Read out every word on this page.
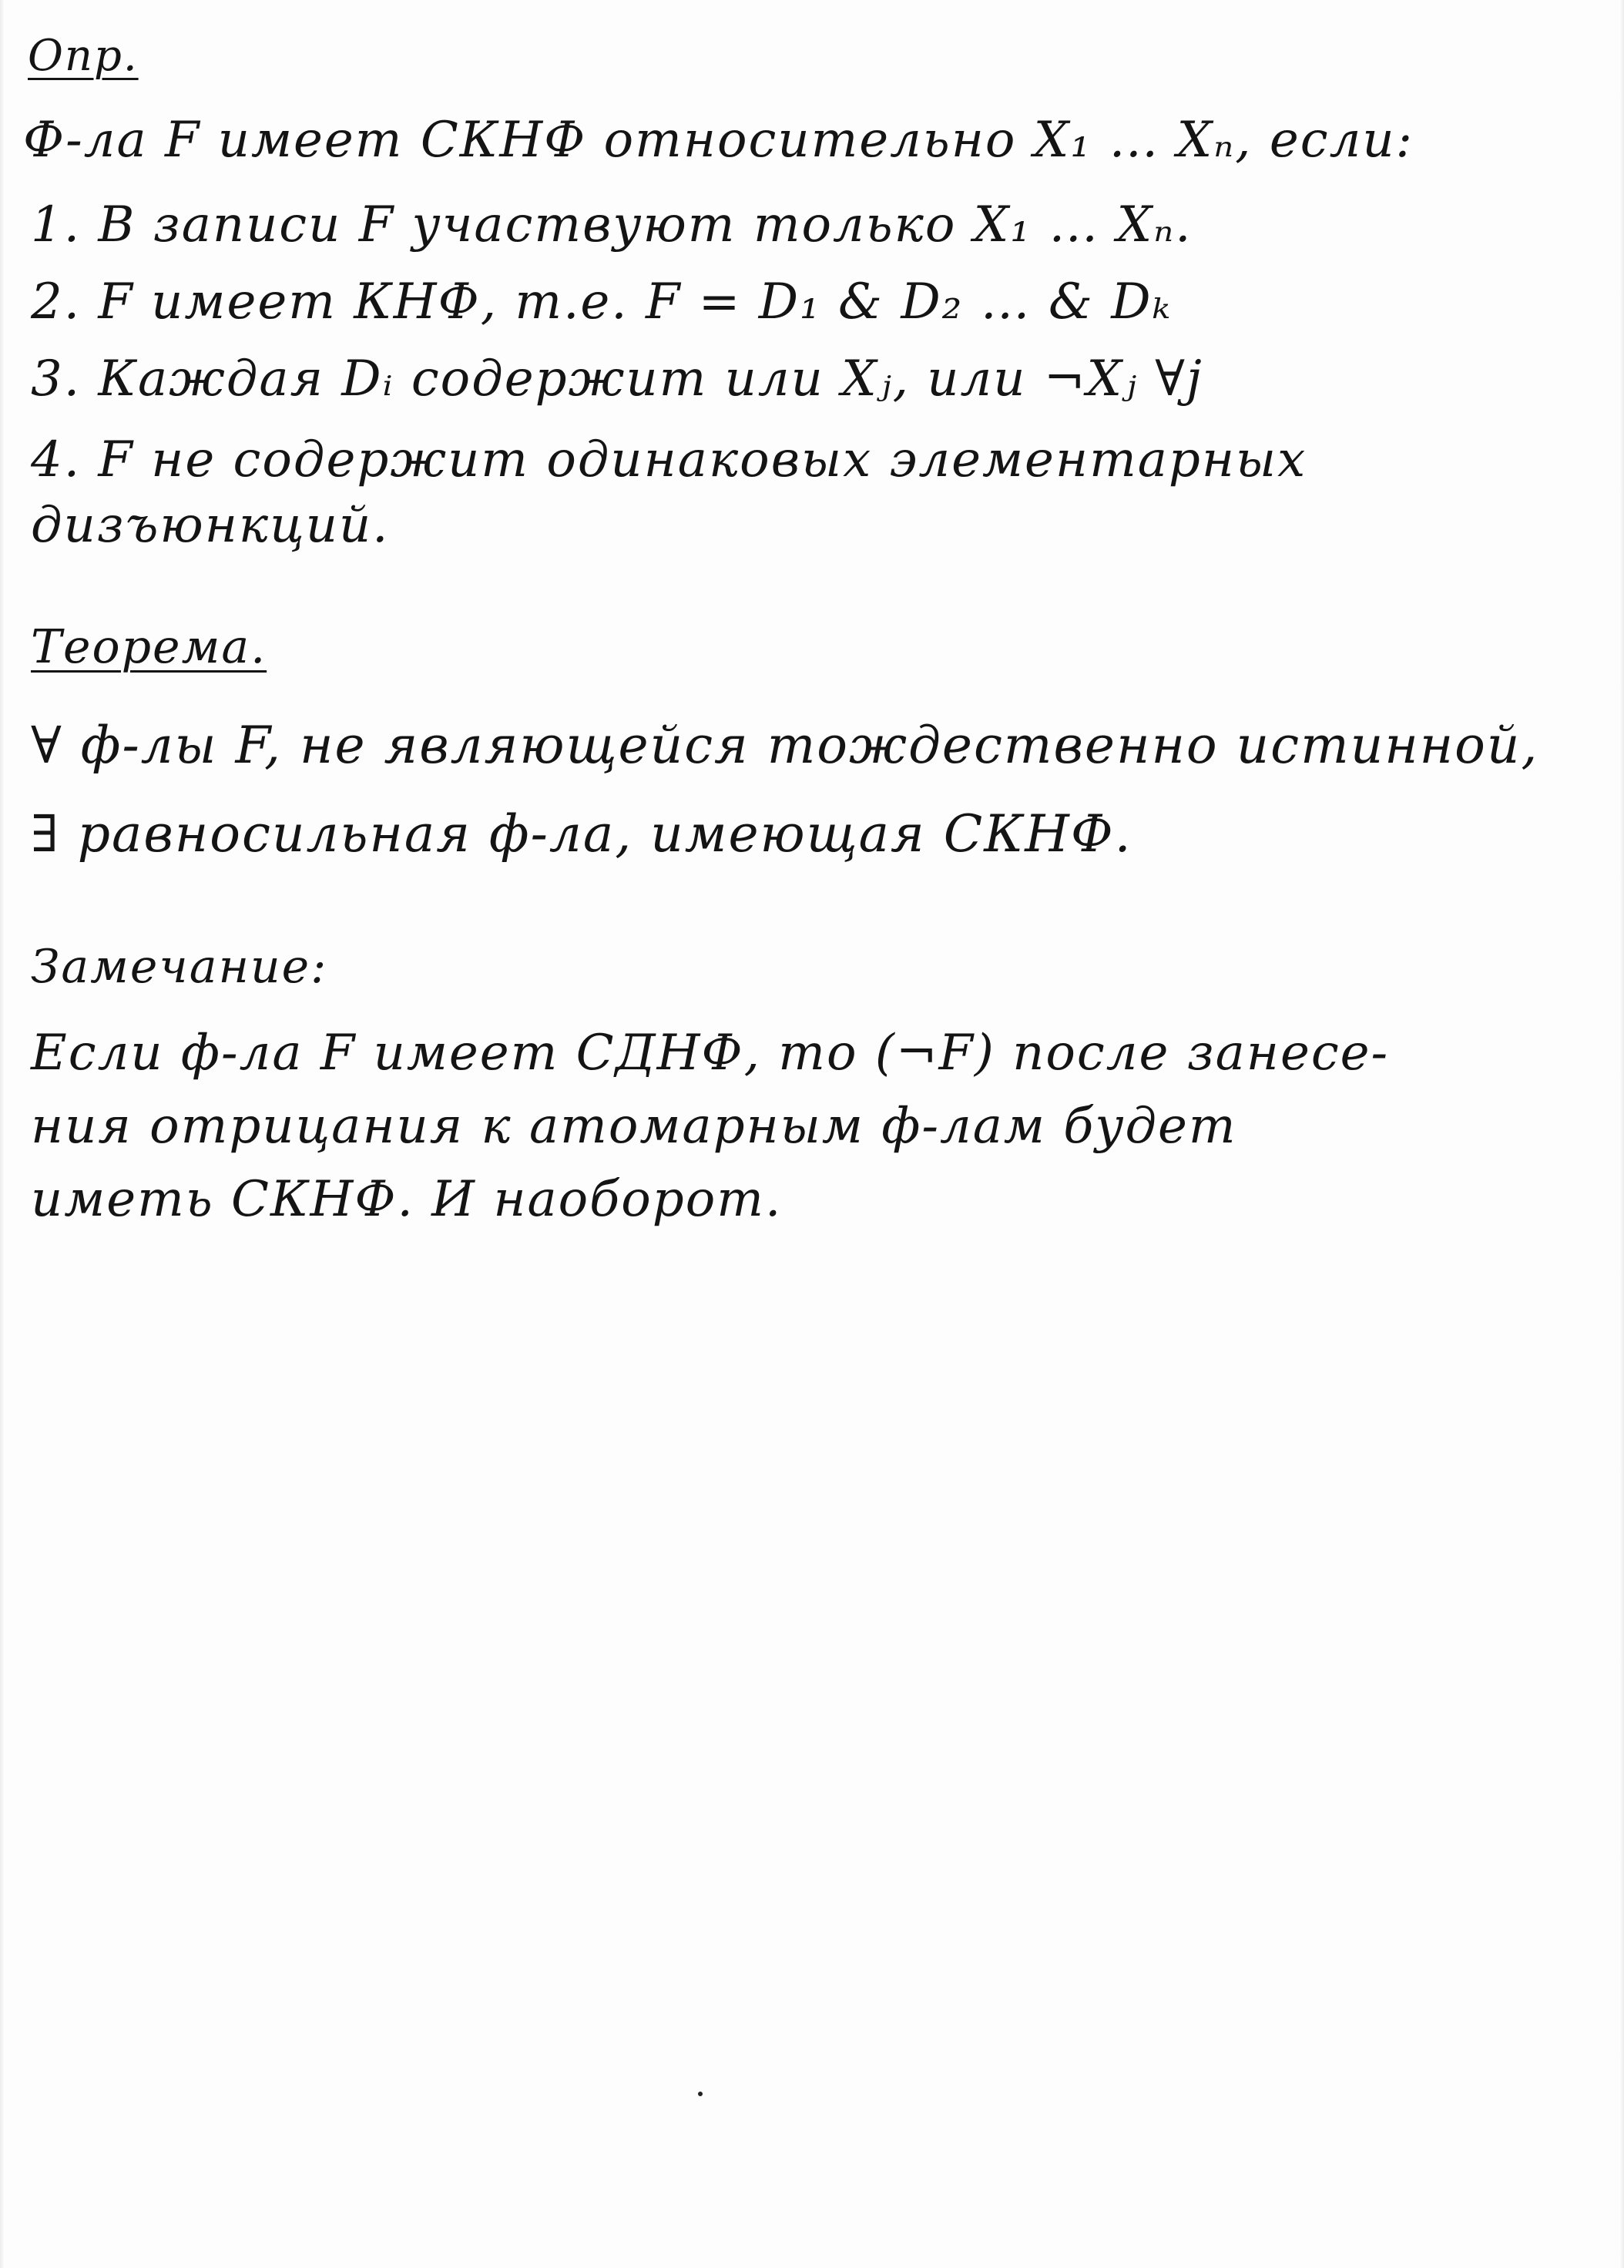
Опр.
Ф-ла F имеет СКНФ относительно X₁ … Xₙ, если:
1. В записи F участвуют только X₁ … Xₙ.
2. F имеет КНФ, т.е. F = D₁ & D₂ … & Dₖ
3. Каждая Dᵢ содержит или Xⱼ, или ¬Xⱼ ∀j
4. F не содержит одинаковых элементарных
дизъюнкций.
Теорема.
∀ ф-лы F, не являющейся тождественно истинной,
∃ равносильная ф-ла, имеющая СКНФ.
Замечание:
Если ф-ла F имеет СДНФ, то (¬F) после занесе-
ния отрицания к атомарным ф-лам будет
иметь СКНФ. И наоборот.
